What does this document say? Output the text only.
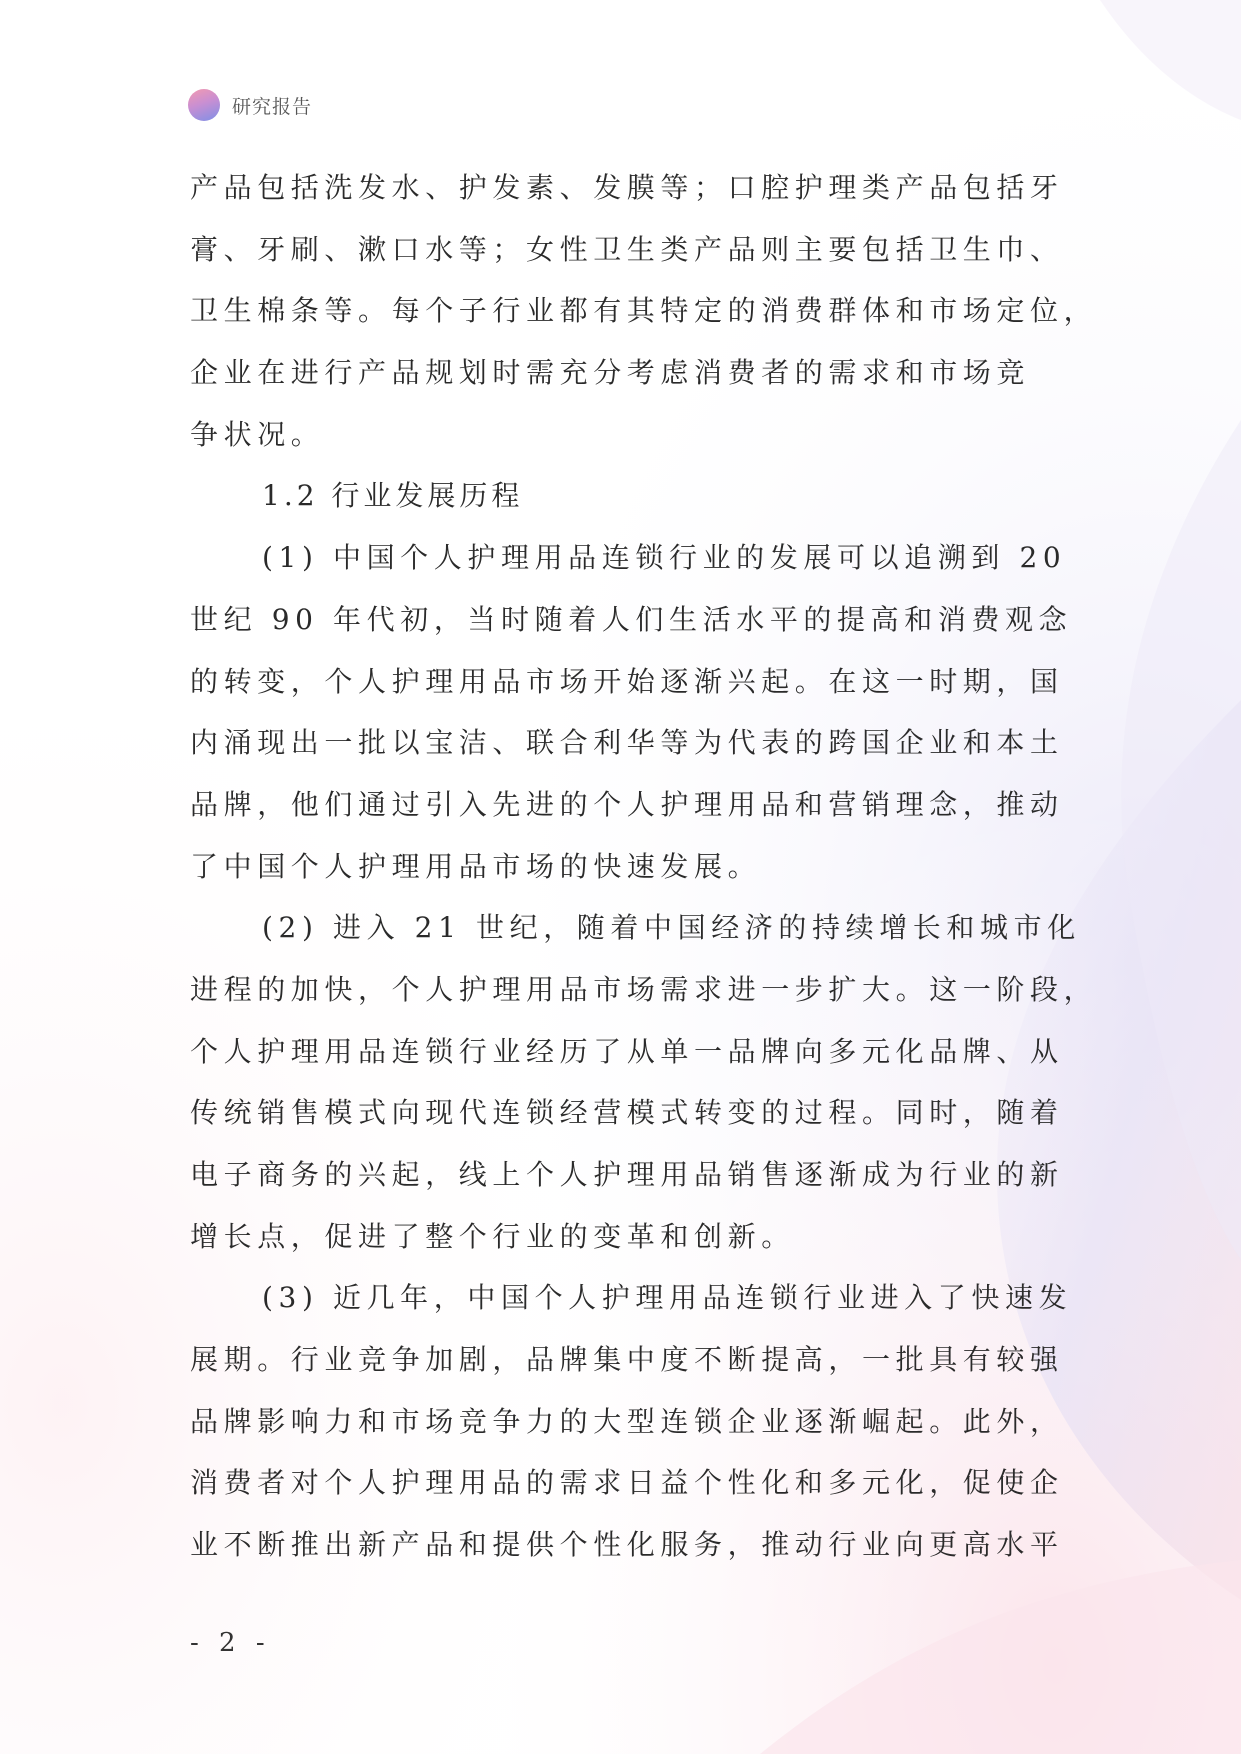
研究报告
产品包括洗发水、护发素、发膜等；口腔护理类产品包括牙
膏、牙刷、漱口水等；女性卫生类产品则主要包括卫生巾、
卫生棉条等。每个子行业都有其特定的消费群体和市场定位，
企业在进行产品规划时需充分考虑消费者的需求和市场竞
争状况。
1.2 行业发展历程
(1) 中国个人护理用品连锁行业的发展可以追溯到 20
世纪 90 年代初，当时随着人们生活水平的提高和消费观念
的转变，个人护理用品市场开始逐渐兴起。在这一时期，国
内涌现出一批以宝洁、联合利华等为代表的跨国企业和本土
品牌，他们通过引入先进的个人护理用品和营销理念，推动
了中国个人护理用品市场的快速发展。
(2) 进入 21 世纪，随着中国经济的持续增长和城市化
进程的加快，个人护理用品市场需求进一步扩大。这一阶段，
个人护理用品连锁行业经历了从单一品牌向多元化品牌、从
传统销售模式向现代连锁经营模式转变的过程。同时，随着
电子商务的兴起，线上个人护理用品销售逐渐成为行业的新
增长点，促进了整个行业的变革和创新。
(3) 近几年，中国个人护理用品连锁行业进入了快速发
展期。行业竞争加剧，品牌集中度不断提高，一批具有较强
品牌影响力和市场竞争力的大型连锁企业逐渐崛起。此外，
消费者对个人护理用品的需求日益个性化和多元化，促使企
业不断推出新产品和提供个性化服务，推动行业向更高水平
- 2 -
